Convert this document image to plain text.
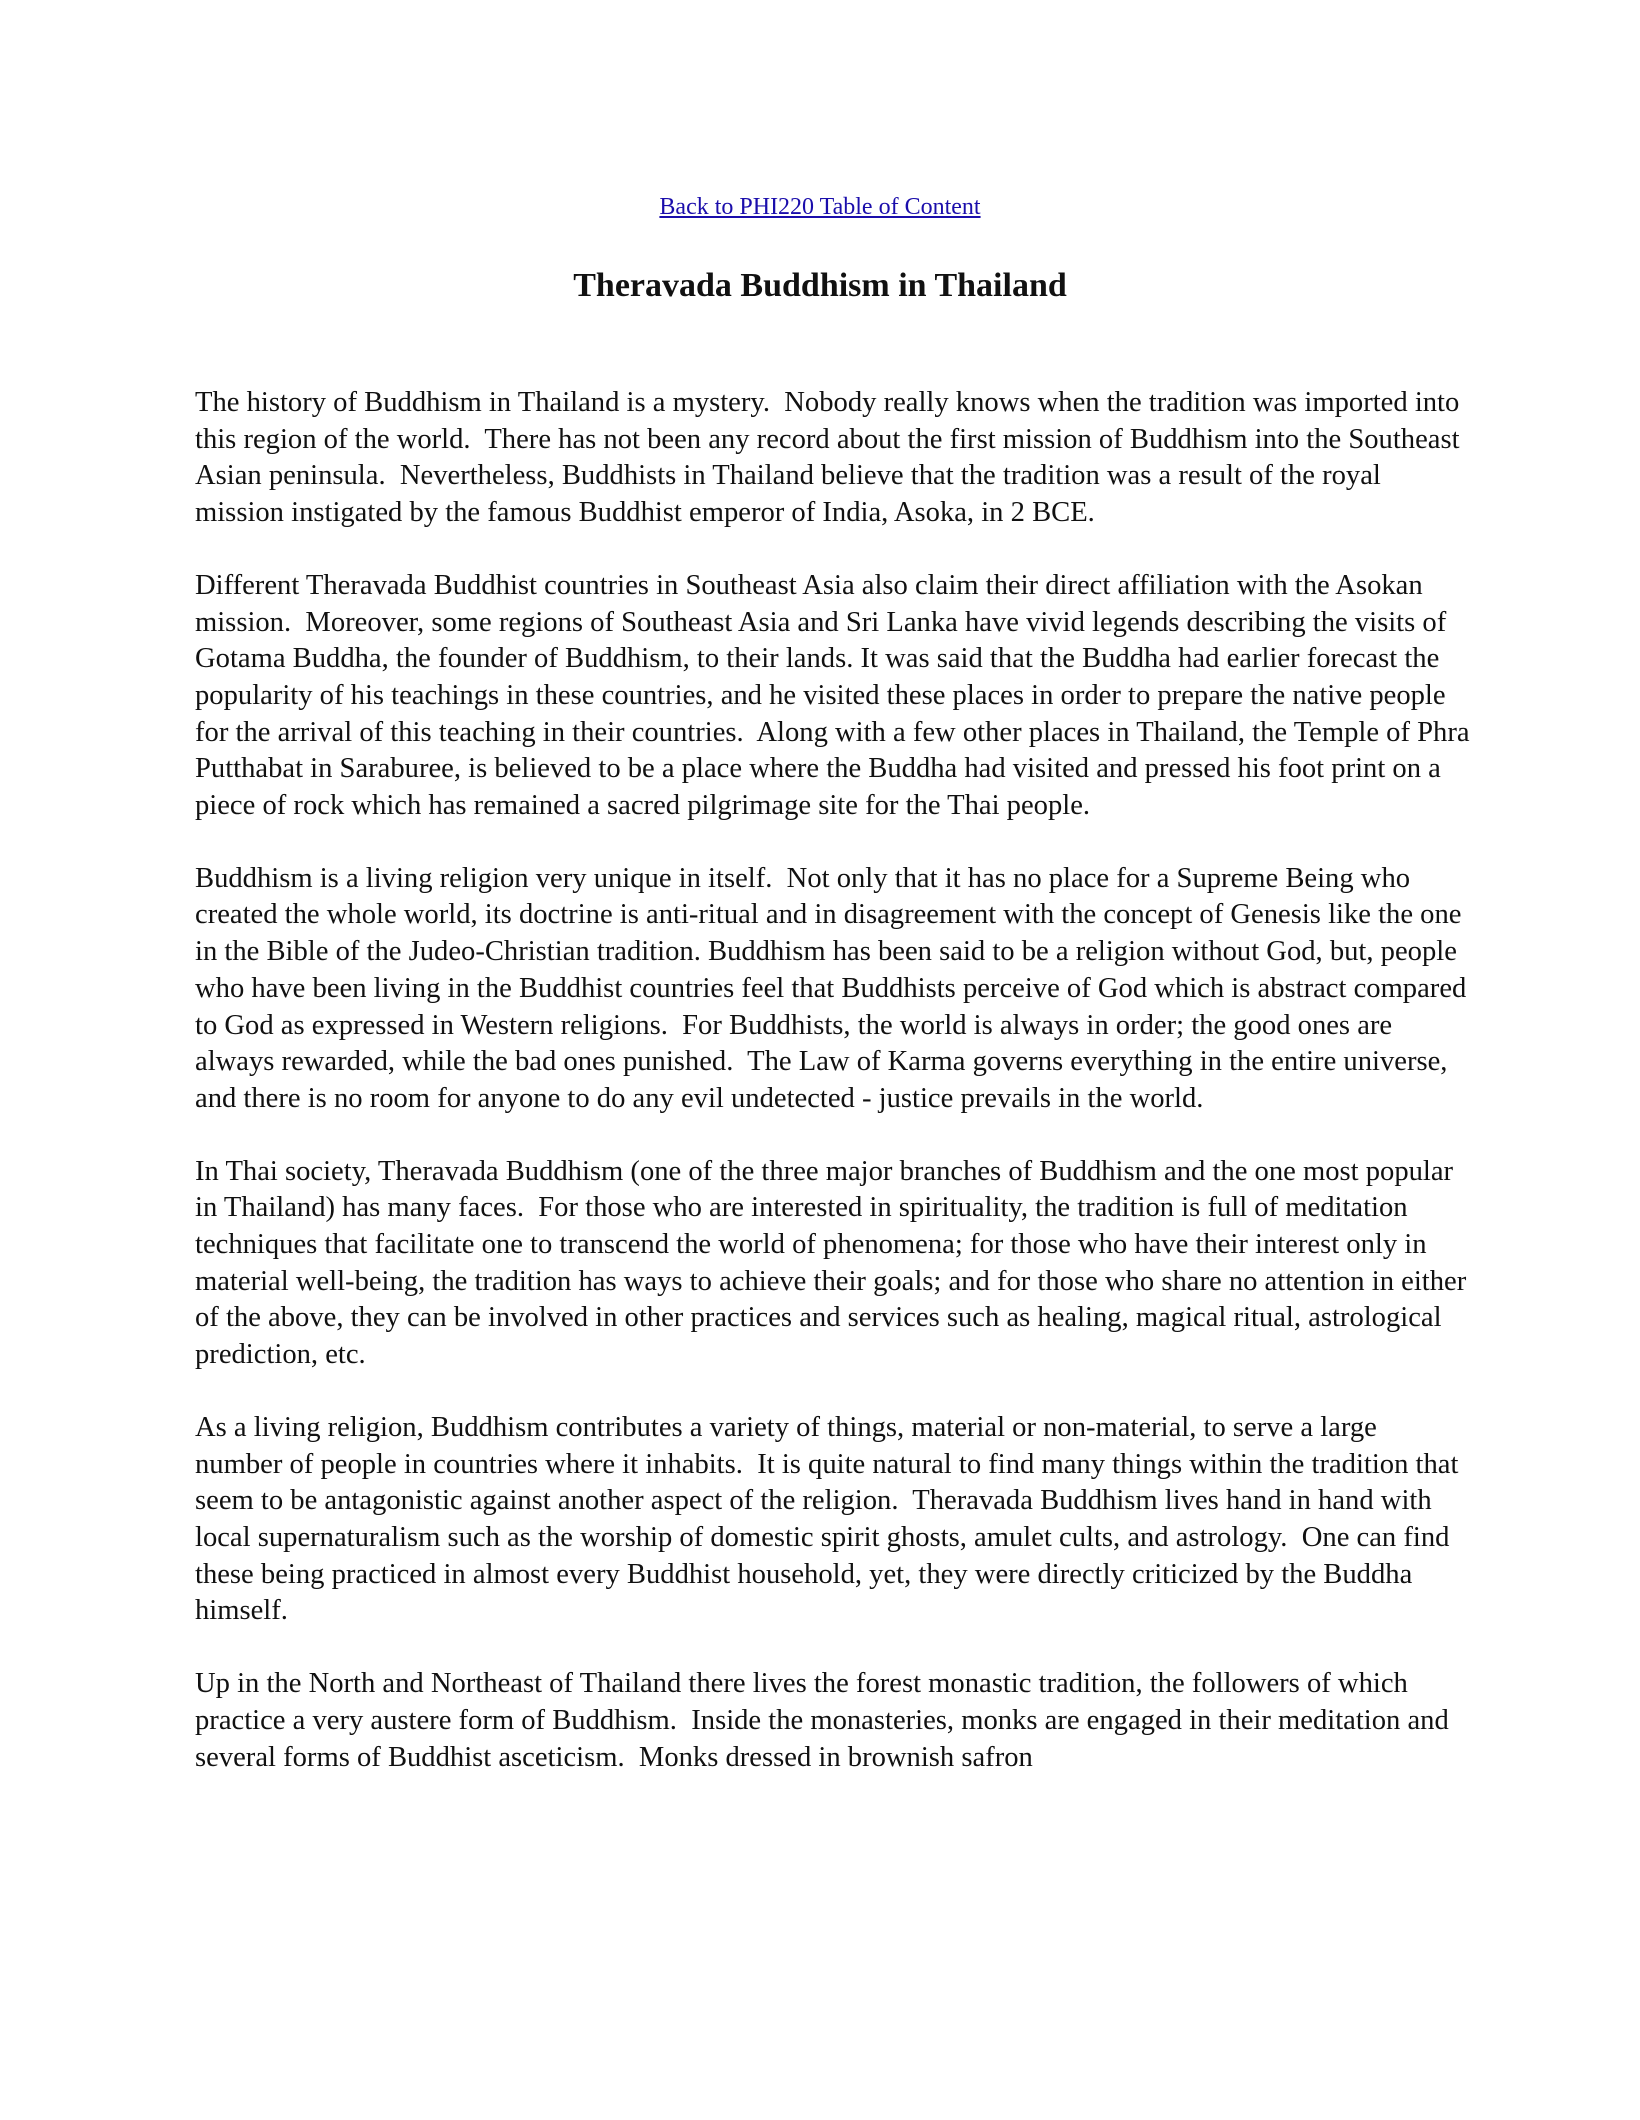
Back to PHI220 Table of Content
Theravada Buddhism in Thailand

The history of Buddhism in Thailand is a mystery.  Nobody really knows when the tradition was imported into this region of the world.  There has not been any record about the first mission of Buddhism into the Southeast Asian peninsula.  Nevertheless, Buddhists in Thailand believe that the tradition was a result of the royal mission instigated by the famous Buddhist emperor of India, Asoka, in 2 BCE.

Different Theravada Buddhist countries in Southeast Asia also claim their direct affiliation with the Asokan mission.  Moreover, some regions of Southeast Asia and Sri Lanka have vivid legends describing the visits of Gotama Buddha, the founder of Buddhism, to their lands. It was said that the Buddha had earlier forecast the popularity of his teachings in these countries, and he visited these places in order to prepare the native people for the arrival of this teaching in their countries.  Along with a few other places in Thailand, the Temple of Phra Putthabat in Saraburee, is believed to be a place where the Buddha had visited and pressed his foot print on a piece of rock which has remained a sacred pilgrimage site for the Thai people.

Buddhism is a living religion very unique in itself.  Not only that it has no place for a Supreme Being who created the whole world, its doctrine is anti-ritual and in disagreement with the concept of Genesis like the one in the Bible of the Judeo-Christian tradition. Buddhism has been said to be a religion without God, but, people who have been living in the Buddhist countries feel that Buddhists perceive of God which is abstract compared to God as expressed in Western religions.  For Buddhists, the world is always in order; the good ones are always rewarded, while the bad ones punished.  The Law of Karma governs everything in the entire universe, and there is no room for anyone to do any evil undetected - justice prevails in the world.

In Thai society, Theravada Buddhism (one of the three major branches of Buddhism and the one most popular in Thailand) has many faces.  For those who are interested in spirituality, the tradition is full of meditation techniques that facilitate one to transcend the world of phenomena; for those who have their interest only in material well-being, the tradition has ways to achieve their goals; and for those who share no attention in either of the above, they can be involved in other practices and services such as healing, magical ritual, astrological prediction, etc.

As a living religion, Buddhism contributes a variety of things, material or non-material, to serve a large number of people in countries where it inhabits.  It is quite natural to find many things within the tradition that seem to be antagonistic against another aspect of the religion.  Theravada Buddhism lives hand in hand with local supernaturalism such as the worship of domestic spirit ghosts, amulet cults, and astrology.  One can find these being practiced in almost every Buddhist household, yet, they were directly criticized by the Buddha himself.

Up in the North and Northeast of Thailand there lives the forest monastic tradition, the followers of which practice a very austere form of Buddhism.  Inside the monasteries, monks are engaged in their meditation and several forms of Buddhist asceticism.  Monks dressed in brownish safron
